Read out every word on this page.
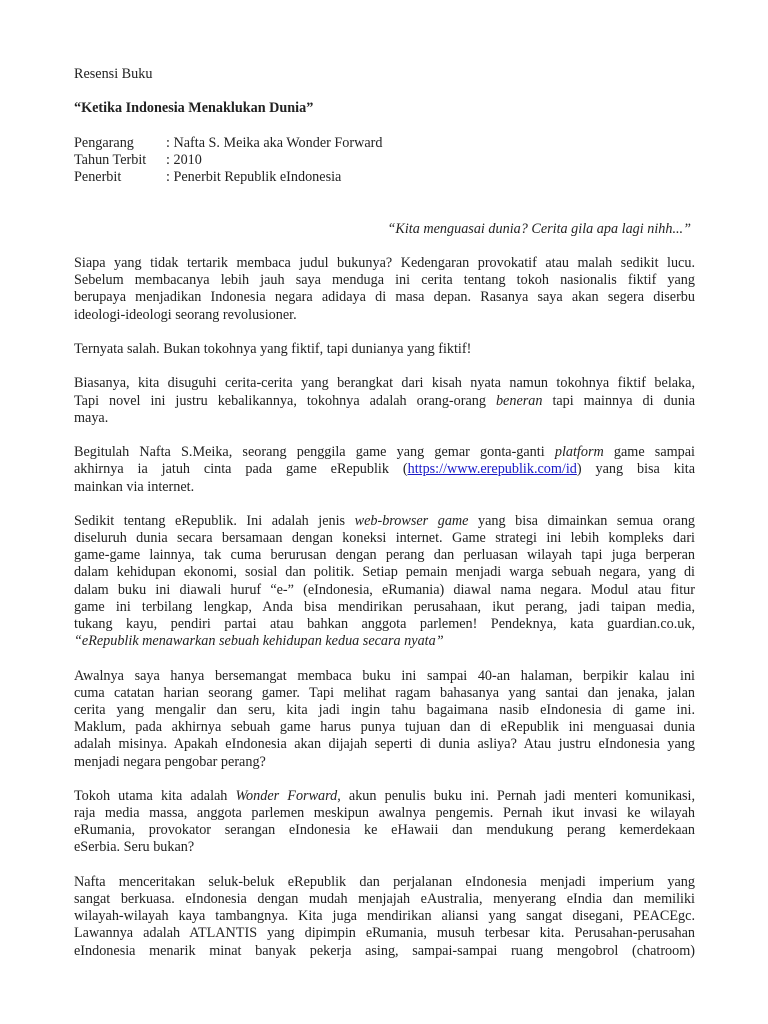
Resensi Buku
“Ketika Indonesia Menaklukan Dunia”
Pengarang	: Nafta S. Meika aka Wonder Forward
Tahun Terbit	: 2010
Penerbit	: Penerbit Republik eIndonesia
“Kita menguasai dunia? Cerita gila apa lagi nihh...”
Siapa yang tidak tertarik membaca judul bukunya? Kedengaran provokatif atau malah sedikit lucu.
Sebelum membacanya lebih jauh saya menduga ini cerita tentang tokoh nasionalis fiktif yang
berupaya menjadikan Indonesia negara adidaya di masa depan. Rasanya saya akan segera diserbu
ideologi-ideologi seorang revolusioner.
Ternyata salah. Bukan tokohnya yang fiktif, tapi dunianya yang fiktif!
Biasanya, kita disuguhi cerita-cerita yang berangkat dari kisah nyata namun tokohnya fiktif belaka,
Tapi novel ini justru kebalikannya, tokohnya adalah orang-orang beneran tapi mainnya di dunia
maya.
Begitulah Nafta S.Meika, seorang penggila game yang gemar gonta-ganti platform game sampai
akhirnya ia jatuh cinta pada game eRepublik (https://www.erepublik.com/id) yang bisa kita
mainkan via internet.
Sedikit tentang eRepublik. Ini adalah jenis web-browser game yang bisa dimainkan semua orang
diseluruh dunia secara bersamaan dengan koneksi internet. Game strategi ini lebih kompleks dari
game-game lainnya, tak cuma berurusan dengan perang dan perluasan wilayah tapi juga berperan
dalam kehidupan ekonomi, sosial dan politik. Setiap pemain menjadi warga sebuah negara, yang di
dalam buku ini diawali huruf “e-” (eIndonesia, eRumania) diawal nama negara. Modul atau fitur
game ini terbilang lengkap, Anda bisa mendirikan perusahaan, ikut perang, jadi taipan media,
tukang kayu, pendiri partai atau bahkan anggota parlemen! Pendeknya, kata guardian.co.uk,
“eRepublik menawarkan sebuah kehidupan kedua secara nyata”
Awalnya saya hanya bersemangat membaca buku ini sampai 40-an halaman, berpikir kalau ini
cuma catatan harian seorang gamer. Tapi melihat ragam bahasanya yang santai dan jenaka, jalan
cerita yang mengalir dan seru, kita jadi ingin tahu bagaimana nasib eIndonesia di game ini.
Maklum, pada akhirnya sebuah game harus punya tujuan dan di eRepublik ini menguasai dunia
adalah misinya. Apakah eIndonesia akan dijajah seperti di dunia asliya? Atau justru eIndonesia yang
menjadi negara pengobar perang?
Tokoh utama kita adalah Wonder Forward, akun penulis buku ini. Pernah jadi menteri komunikasi,
raja media massa, anggota parlemen meskipun awalnya pengemis. Pernah ikut invasi ke wilayah
eRumania, provokator serangan eIndonesia ke eHawaii dan mendukung perang kemerdekaan
eSerbia. Seru bukan?
Nafta menceritakan seluk-beluk eRepublik dan perjalanan eIndonesia menjadi imperium yang
sangat berkuasa. eIndonesia dengan mudah menjajah eAustralia, menyerang eIndia dan memiliki
wilayah-wilayah kaya tambangnya. Kita juga mendirikan aliansi yang sangat disegani, PEACEgc.
Lawannya adalah ATLANTIS yang dipimpin eRumania, musuh terbesar kita. Perusahan-perusahan
eIndonesia menarik minat banyak pekerja asing, sampai-sampai ruang mengobrol (chatroom)
